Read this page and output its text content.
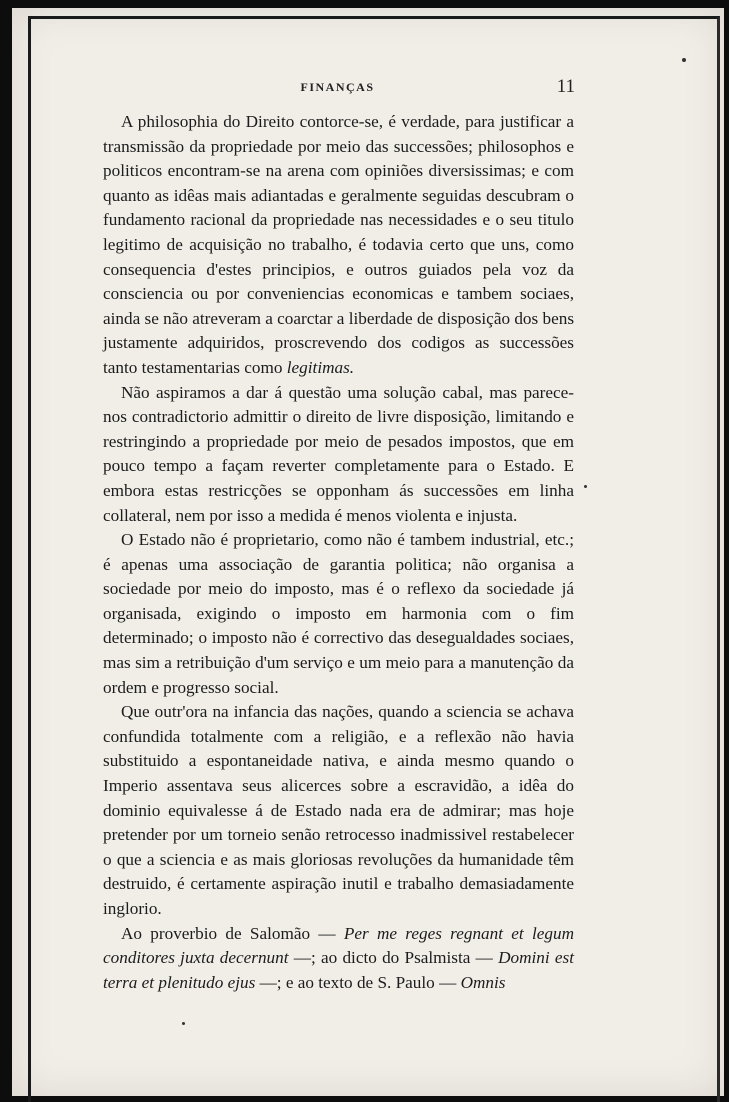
FINANÇAS	11

A philosophia do Direito contorce-se, é verdade, para justificar a transmissão da propriedade por meio das successões; philosophos e politicos encontram-se na arena com opiniões diversissimas; e com quanto as idêas mais adiantadas e geralmente seguidas descubram o fundamento racional da propriedade nas necessidades e o seu titulo legitimo de acquisição no trabalho, é todavia certo que uns, como consequencia d'estes principios, e outros guiados pela voz da consciencia ou por conveniencias economicas e tambem sociaes, ainda se não atreveram a coarctar a liberdade de disposição dos bens justamente adquiridos, proscrevendo dos codigos as successões tanto testamentarias como legitimas.

Não aspiramos a dar á questão uma solução cabal, mas parece-nos contradictorio admittir o direito de livre disposição, limitando e restringindo a propriedade por meio de pesados impostos, que em pouco tempo a façam reverter completamente para o Estado. E embora estas restricções se opponham ás successões em linha collateral, nem por isso a medida é menos violenta e injusta.

O Estado não é proprietario, como não é tambem industrial, etc.; é apenas uma associação de garantia politica; não organisa a sociedade por meio do imposto, mas é o reflexo da sociedade já organisada, exigindo o imposto em harmonia com o fim determinado; o imposto não é correctivo das desegualdades sociaes, mas sim a retribuição d'um serviço e um meio para a manutenção da ordem e progresso social.

Que outr'ora na infancia das nações, quando a sciencia se achava confundida totalmente com a religião, e a reflexão não havia substituido a espontaneidade nativa, e ainda mesmo quando o Imperio assentava seus alicerces sobre a escravidão, a idêa do dominio equivalesse á de Estado nada era de admirar; mas hoje pretender por um torneio senão retrocesso inadmissivel restabelecer o que a sciencia e as mais gloriosas revoluções da humanidade têm destruido, é certamente aspiração inutil e trabalho demasiadamente inglorio.

Ao proverbio de Salomão — Per me reges regnant et legum conditores juxta decernunt —; ao dicto do Psalmista — Domini est terra et plenitudo ejus —; e ao texto de S. Paulo — Omnis
